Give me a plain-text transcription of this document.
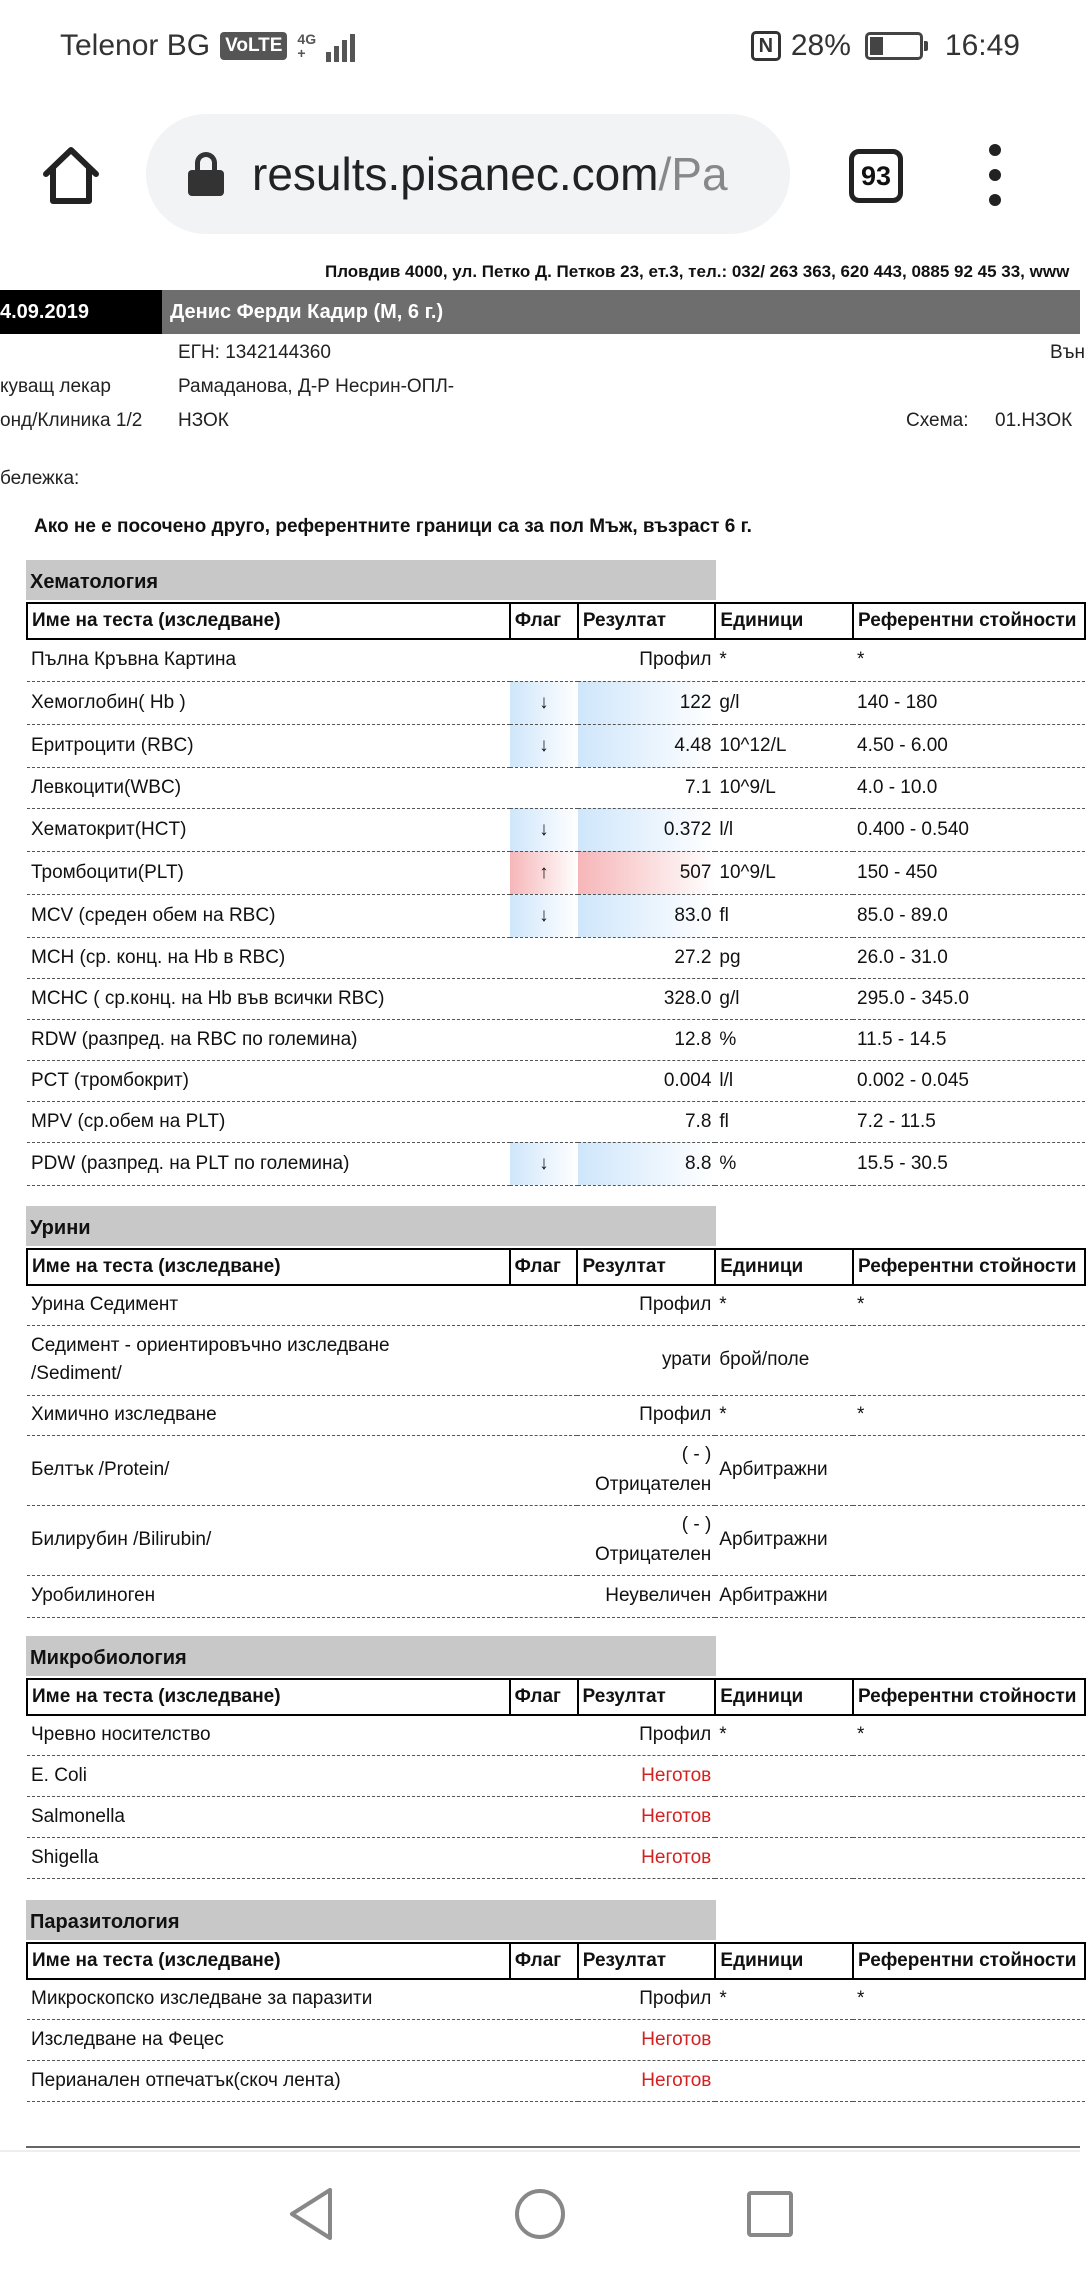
Telenor BG VoLTE	4G
+	N 28%	16:49
results.pisanec.com/Pa	93
Пловдив 4000, ул. Петко Д. Петков 23, ет.3, тел.: 032/ 263 363, 620 443, 0885 92 45 33, www
4.09.2019	Денис Ферди Кадир (М, 6 г.)
ЕГН: 1342144360	Вън
куващ лекар	Рамаданова, Д-Р Несрин-ОПЛ-
онд/Клиника 1/2 НЗОК	Схема: 01.НЗОК
бележка:
Ако не е посочено друго, референтните граници са за пол Мъж, възраст 6 г.
Хематология
Име на теста (изследване)	Флаг	Резултат	Единици	Референтни стойности
Пълна Кръвна Картина		Профил	*	*
Хемоглобин( Hb )	↓	122	g/l	140 - 180
Еритроцити (RBC)	↓	4.48	10^12/L	4.50 - 6.00
Левкоцити(WBC)		7.1	10^9/L	4.0 - 10.0
Хематокрит(HCT)	↓	0.372	l/l	0.400 - 0.540
Тромбоцити(PLT)	↑	507	10^9/L	150 - 450
MCV (среден обем на RBC)	↓	83.0	fl	85.0 - 89.0
MCH (ср. конц. на Hb в RBC)		27.2	pg	26.0 - 31.0
MCHC ( ср.конц. на Hb във всички RBC)		328.0	g/l	295.0 - 345.0
RDW (разпред. на RBC по големина)		12.8	%	11.5 - 14.5
PCT (тромбокрит)		0.004	l/l	0.002 - 0.045
MPV (ср.обем на PLT)		7.8	fl	7.2 - 11.5
PDW (разпред. на PLT по големина)	↓	8.8	%	15.5 - 30.5
Урини
Име на теста (изследване)	Флаг	Резултат	Единици	Референтни стойности
Урина Седимент		Профил	*	*

Седимент - ориентировъчно изследване
/Sediment/		урати	брой/поле	
Химично изследване		Профил	*	*
Белтък /Protein/		( - )
Отрицателен	Арбитражни	
Билирубин /Bilirubin/		( - )
Отрицателен	Арбитражни	
Уробилиноген		Неувеличен	Арбитражни	
Микробиология
Име на теста (изследване)	Флаг	Резултат	Единици	Референтни стойности
Чревно носителство		Профил	*	*
E. Coli		Неготов		
Salmonella		Неготов		
Shigella		Неготов		
Паразитология
Име на теста (изследване)	Флаг	Резултат	Единици	Референтни стойности
Микроскопско изследване за паразити		Профил	*	*
Изследване на Фецес		Неготов		
Перианален отпечатък(скоч лента)		Неготов		
